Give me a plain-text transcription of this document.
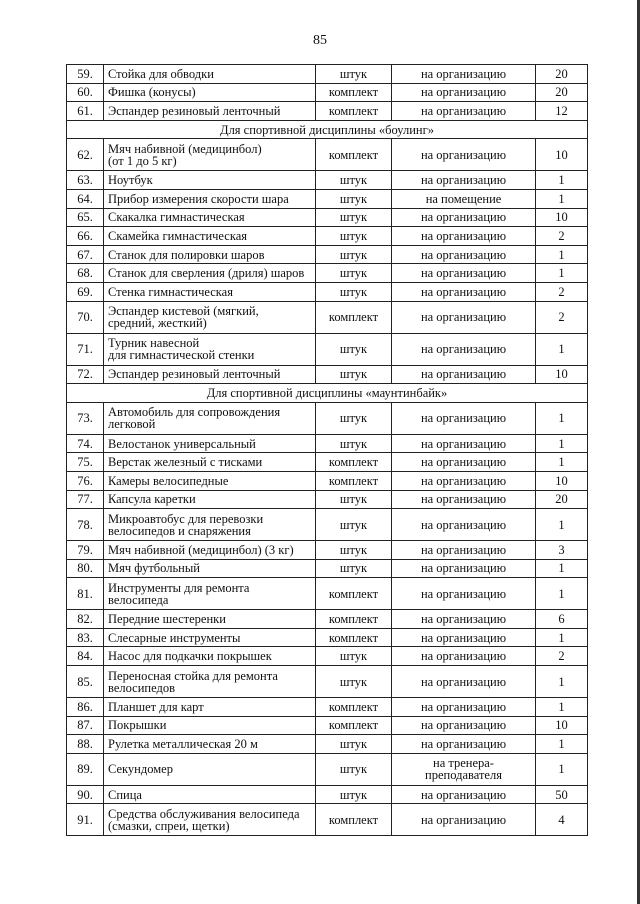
85
59.	Стойка для обводки	штук	на организацию	20
60.	Фишка (конусы)	комплект	на организацию	20
61.	Эспандер резиновый ленточный	комплект	на организацию	12
Для спортивной дисциплины «боулинг»				
62.	Мяч набивной (медицинбол)
(от 1 до 5 кг)	комплект	на организацию	10
63.	Ноутбук	штук	на организацию	1
64.	Прибор измерения скорости шара	штук	на помещение	1
65.	Скакалка гимнастическая	штук	на организацию	10
66.	Скамейка гимнастическая	штук	на организацию	2
67.	Станок для полировки шаров	штук	на организацию	1
68.	Станок для сверления (дриля) шаров	штук	на организацию	1
69.	Стенка гимнастическая	штук	на организацию	2
70.	Эспандер кистевой (мягкий,
средний, жесткий)	комплект	на организацию	2
71.	Турник навесной
для гимнастической стенки	штук	на организацию	1
72.	Эспандер резиновый ленточный	штук	на организацию	10
Для спортивной дисциплины «маунтинбайк»				
73.	Автомобиль для сопровождения
легковой	штук	на организацию	1
74.	Велостанок универсальный	штук	на организацию	1
75.	Верстак железный с тисками	комплект	на организацию	1
76.	Камеры велосипедные	комплект	на организацию	10
77.	Капсула каретки	штук	на организацию	20
78.	Микроавтобус для перевозки
велосипедов и снаряжения	штук	на организацию	1
79.	Мяч набивной (медицинбол) (3 кг)	штук	на организацию	3
80.	Мяч футбольный	штук	на организацию	1
81.	Инструменты для ремонта
велосипеда	комплект	на организацию	1
82.	Передние шестеренки	комплект	на организацию	6
83.	Слесарные инструменты	комплект	на организацию	1
84.	Насос для подкачки покрышек	штук	на организацию	2
85.	Переносная стойка для ремонта
велосипедов	штук	на организацию	1
86.	Планшет для карт	комплект	на организацию	1
87.	Покрышки	комплект	на организацию	10
88.	Рулетка металлическая 20 м	штук	на организацию	1
89.	Секундомер	штук	на тренера-
преподавателя	1
90.	Спица	штук	на организацию	50
91.	Средства обслуживания велосипеда
(смазки, спреи, щетки)	комплект	на организацию	4
